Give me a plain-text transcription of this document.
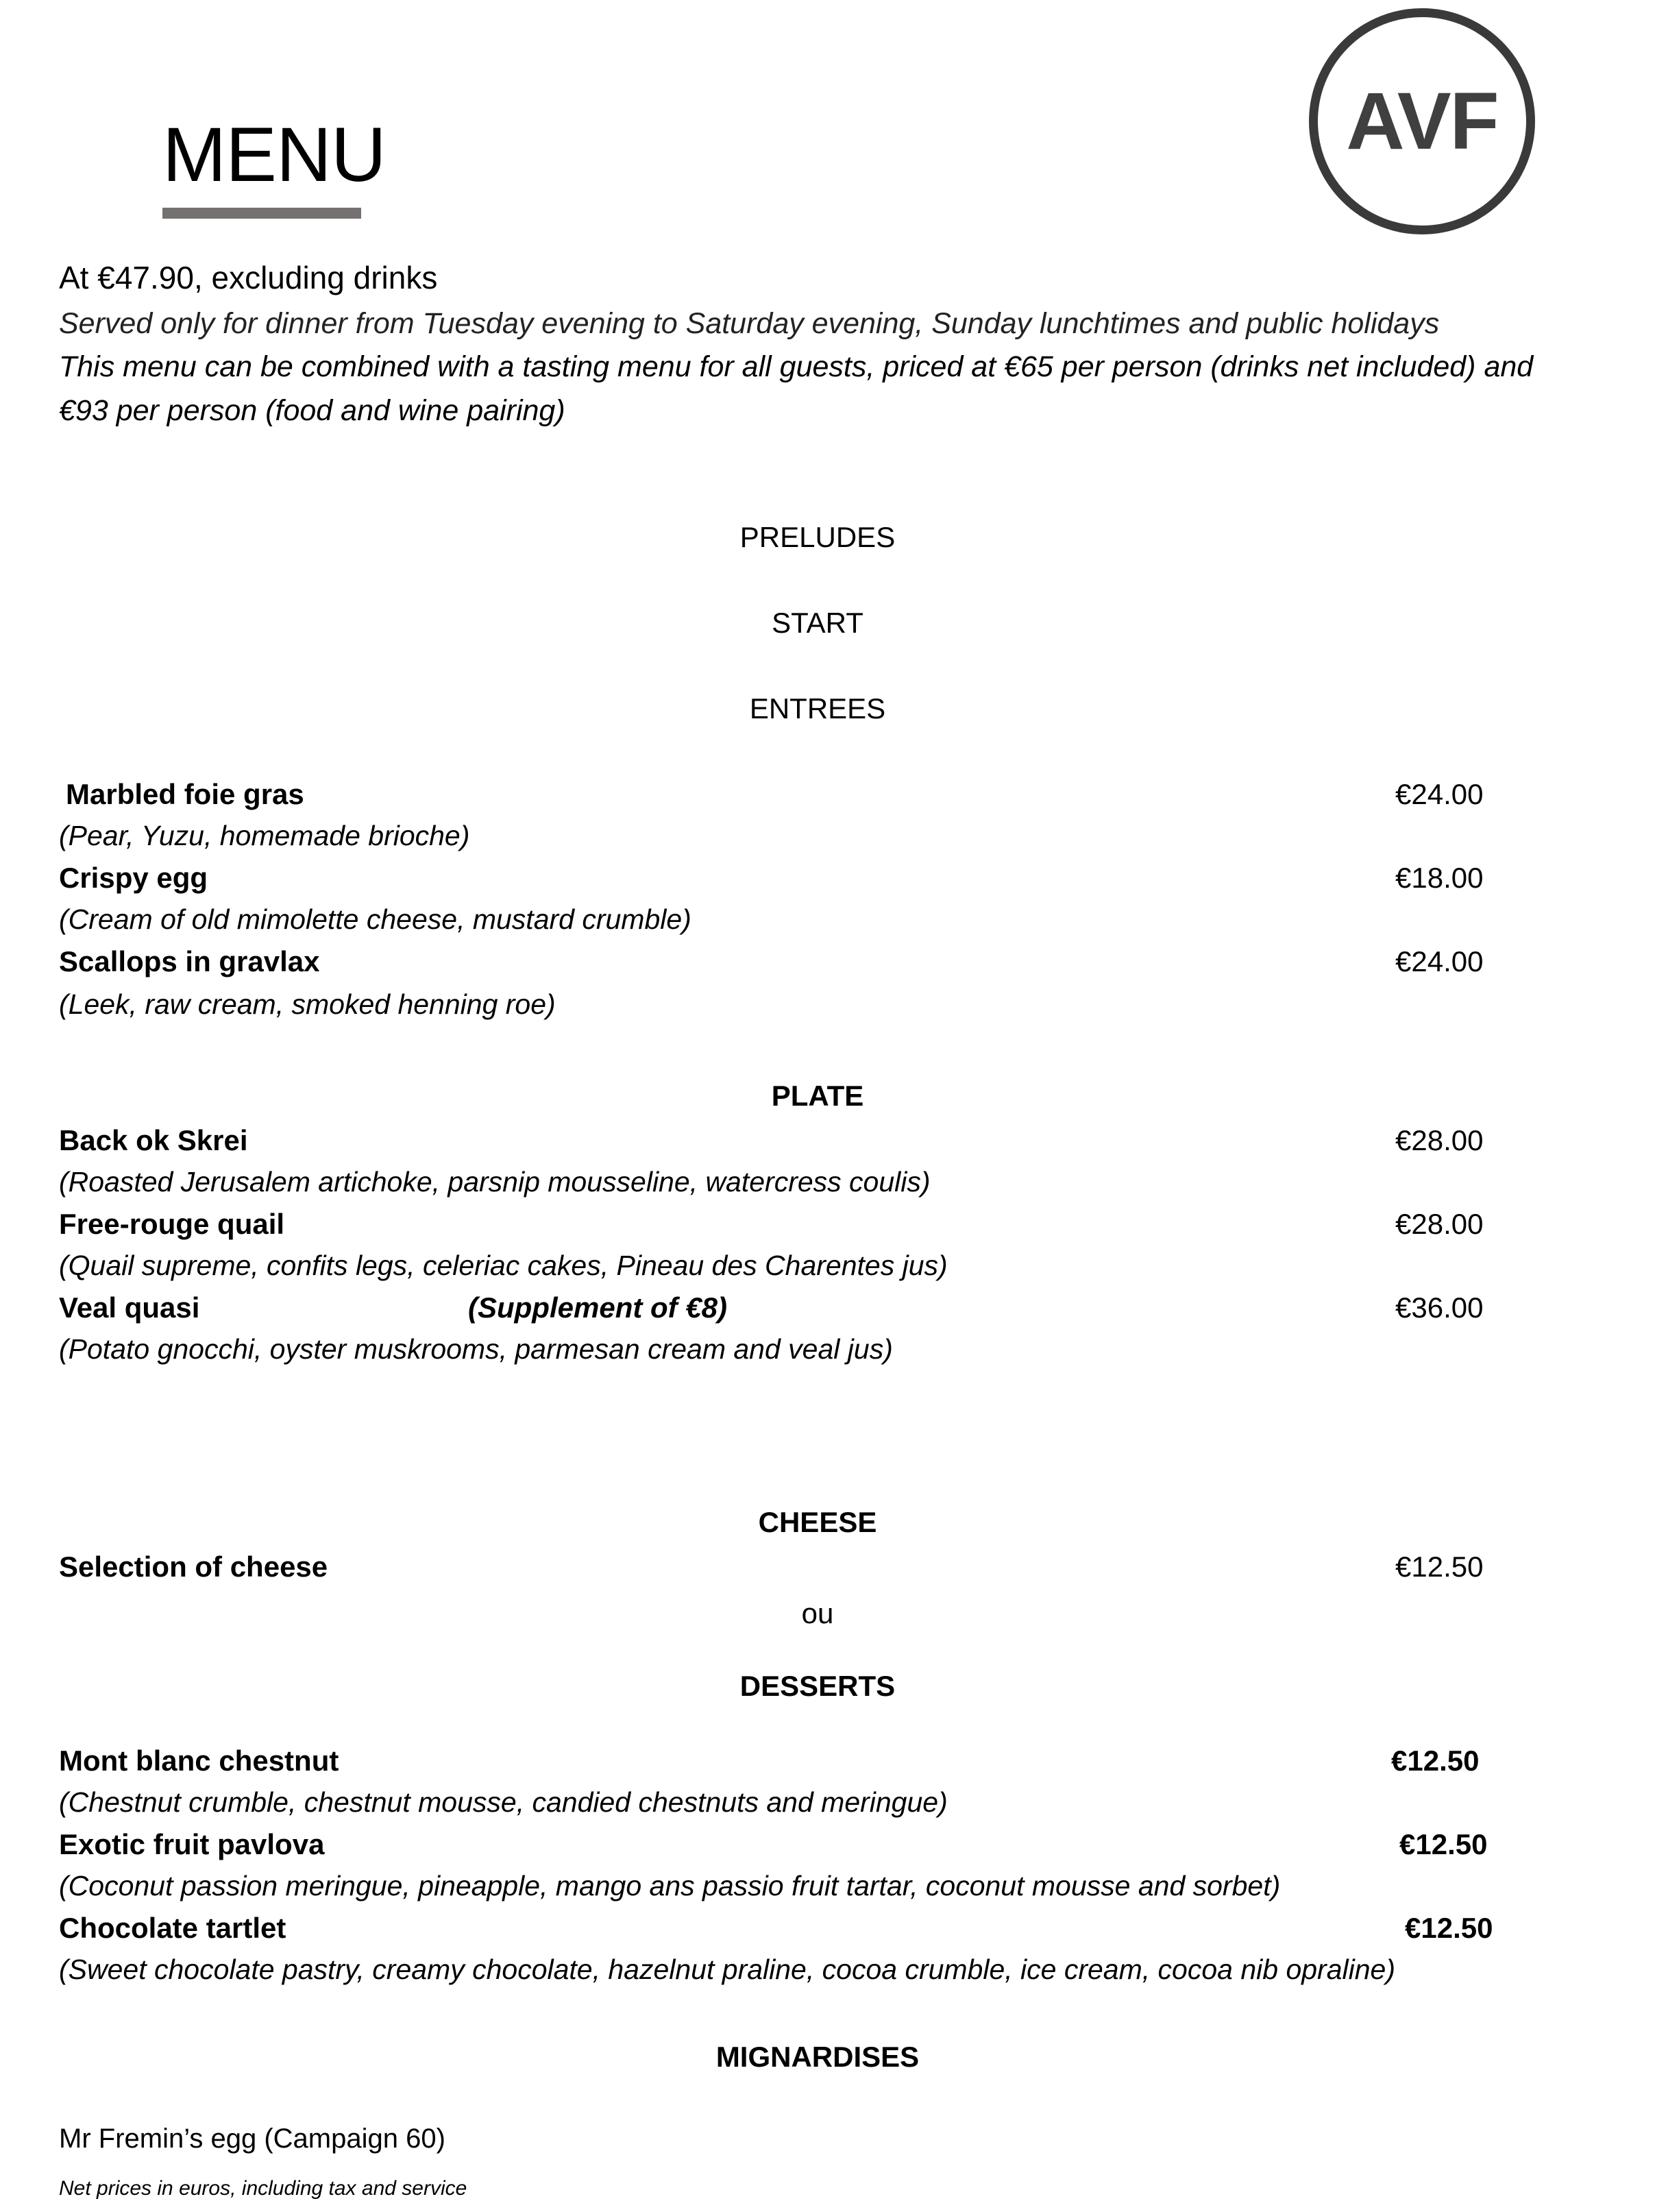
MENU	AVF
At €47.90, excluding drinks
Served only for dinner from Tuesday evening to Saturday evening, Sunday lunchtimes and public holidays
This menu can be combined with a tasting menu for all guests, priced at €65 per person (drinks net included) and
€93 per person (food and wine pairing)
PRELUDES
START
ENTREES
Marbled foie gras	€24.00
(Pear, Yuzu, homemade brioche)
Crispy egg	€18.00
(Cream of old mimolette cheese, mustard crumble)
Scallops in gravlax	€24.00
(Leek, raw cream, smoked henning roe)
PLATE
Back ok Skrei	€28.00
(Roasted Jerusalem artichoke, parsnip mousseline, watercress coulis)
Free-rouge quail	€28.00
(Quail supreme, confits legs, celeriac cakes, Pineau des Charentes jus)
Veal quasi	(Supplement of €8)	€36.00
(Potato gnocchi, oyster muskrooms, parmesan cream and veal jus)
CHEESE
Selection of cheese	€12.50
ou
DESSERTS
Mont blanc chestnut	€12.50
(Chestnut crumble, chestnut mousse, candied chestnuts and meringue)
Exotic fruit pavlova	€12.50
(Coconut passion meringue, pineapple, mango ans passio fruit tartar, coconut mousse and sorbet)
Chocolate tartlet	€12.50
(Sweet chocolate pastry, creamy chocolate, hazelnut praline, cocoa crumble, ice cream, cocoa nib opraline)
MIGNARDISES
Mr Fremin’s egg (Campaign 60)
Net prices in euros, including tax and service
